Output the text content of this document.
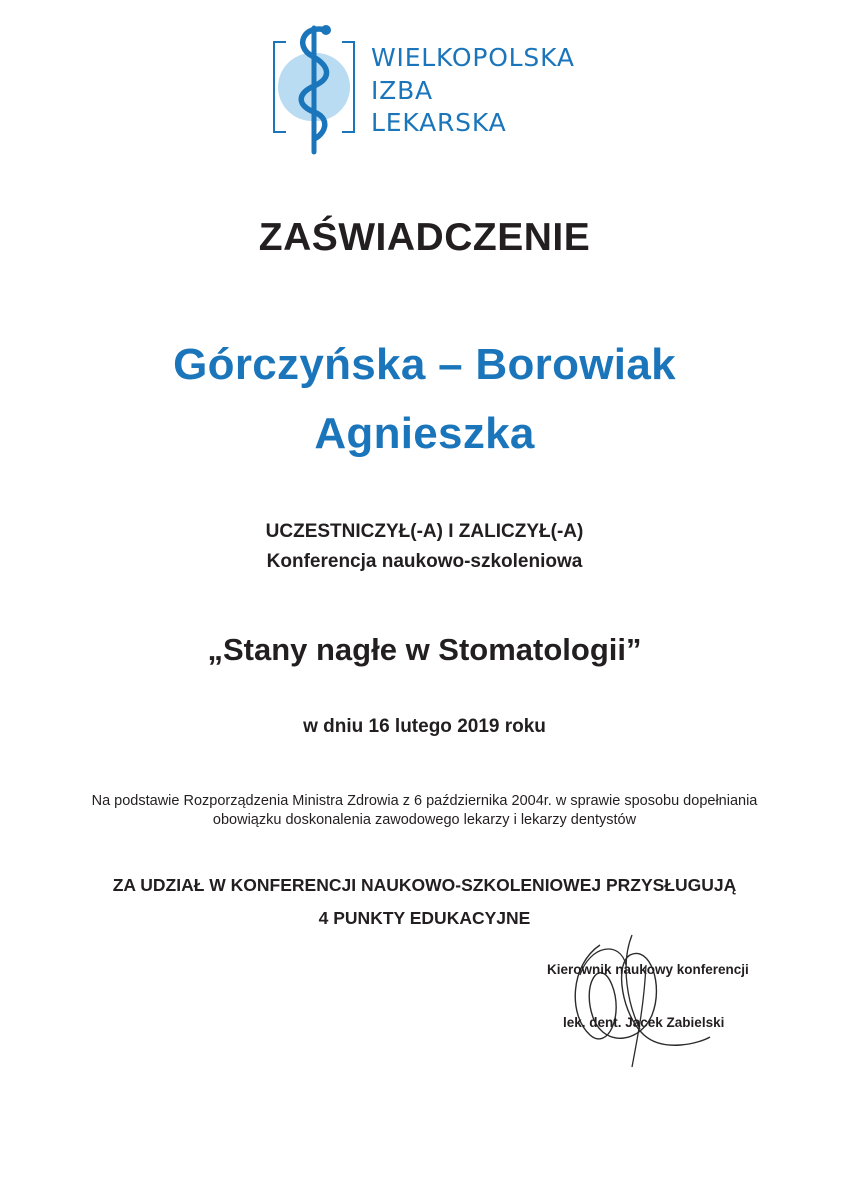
WIELKOPOLSKA
IZBA
LEKARSKA
ZAŚWIADCZENIE
Górczyńska – Borowiak
Agnieszka
UCZESTNICZYŁ(-A) I ZALICZYŁ(-A)
Konferencja naukowo-szkoleniowa
„Stany nagłe w Stomatologii”
w dniu 16 lutego 2019 roku
Na podstawie Rozporządzenia Ministra Zdrowia z 6 października 2004r. w sprawie sposobu dopełniania
obowiązku doskonalenia zawodowego lekarzy i lekarzy dentystów
ZA UDZIAŁ W KONFERENCJI NAUKOWO-SZKOLENIOWEJ PRZYSŁUGUJĄ
4 PUNKTY EDUKACYJNE
Kierownik naukowy konferencji
lek. dent. Jacek Zabielski
